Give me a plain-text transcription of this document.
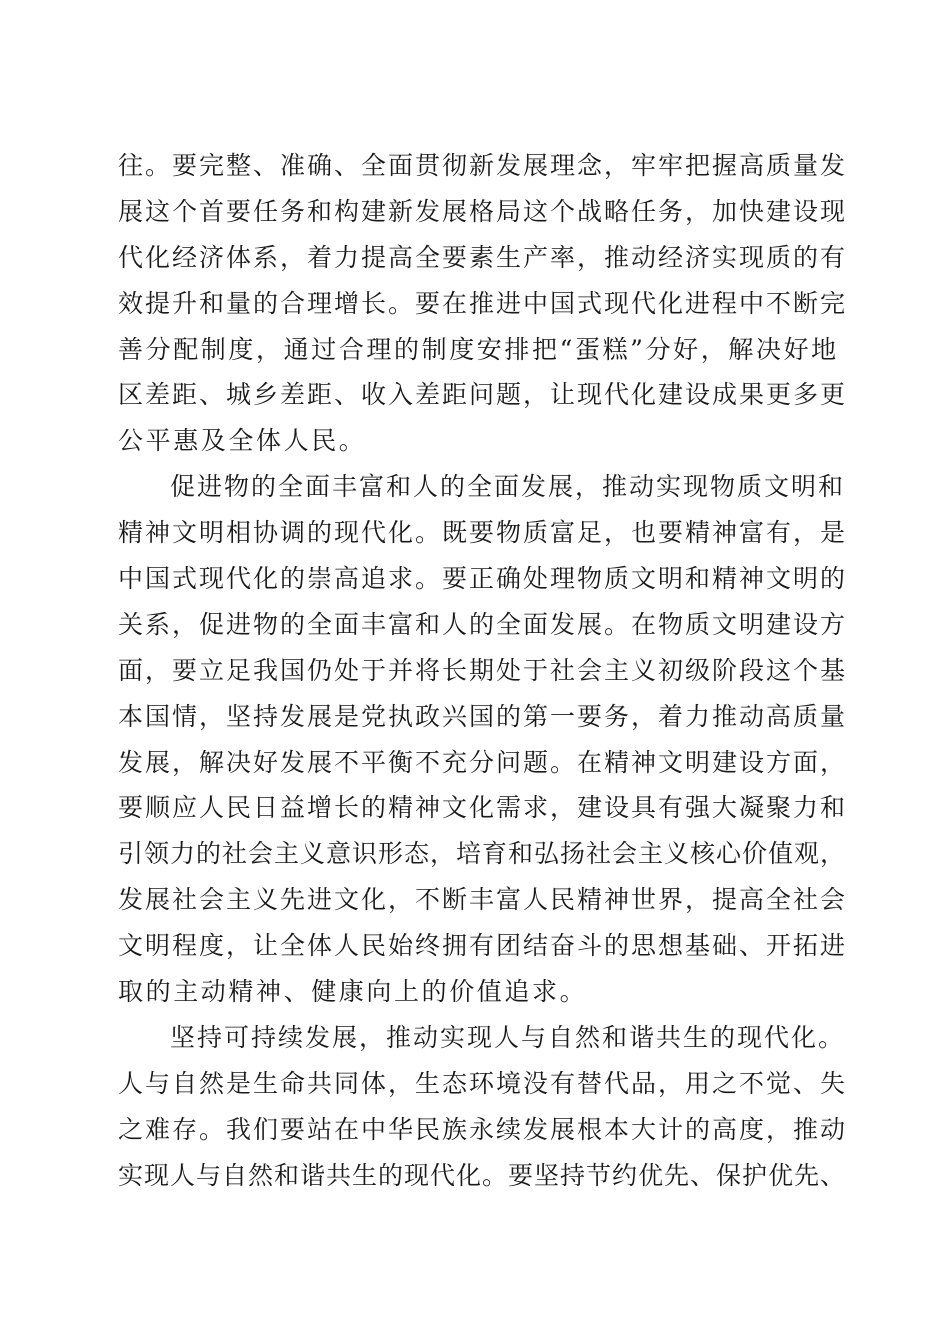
往。要完整、准确、全面贯彻新发展理念，牢牢把握高质量发
展这个首要任务和构建新发展格局这个战略任务，加快建设现
代化经济体系，着力提高全要素生产率，推动经济实现质的有
效提升和量的合理增长。要在推进中国式现代化进程中不断完
善分配制度，通过合理的制度安排把“蛋糕”分好，解决好地
区差距、城乡差距、收入差距问题，让现代化建设成果更多更
公平惠及全体人民。
促进物的全面丰富和人的全面发展，推动实现物质文明和
精神文明相协调的现代化。既要物质富足，也要精神富有，是
中国式现代化的崇高追求。要正确处理物质文明和精神文明的
关系，促进物的全面丰富和人的全面发展。在物质文明建设方
面，要立足我国仍处于并将长期处于社会主义初级阶段这个基
本国情，坚持发展是党执政兴国的第一要务，着力推动高质量
发展，解决好发展不平衡不充分问题。在精神文明建设方面，
要顺应人民日益增长的精神文化需求，建设具有强大凝聚力和
引领力的社会主义意识形态，培育和弘扬社会主义核心价值观，
发展社会主义先进文化，不断丰富人民精神世界，提高全社会
文明程度，让全体人民始终拥有团结奋斗的思想基础、开拓进
取的主动精神、健康向上的价值追求。
坚持可持续发展，推动实现人与自然和谐共生的现代化。
人与自然是生命共同体，生态环境没有替代品，用之不觉、失
之难存。我们要站在中华民族永续发展根本大计的高度，推动
实现人与自然和谐共生的现代化。要坚持节约优先、保护优先、
